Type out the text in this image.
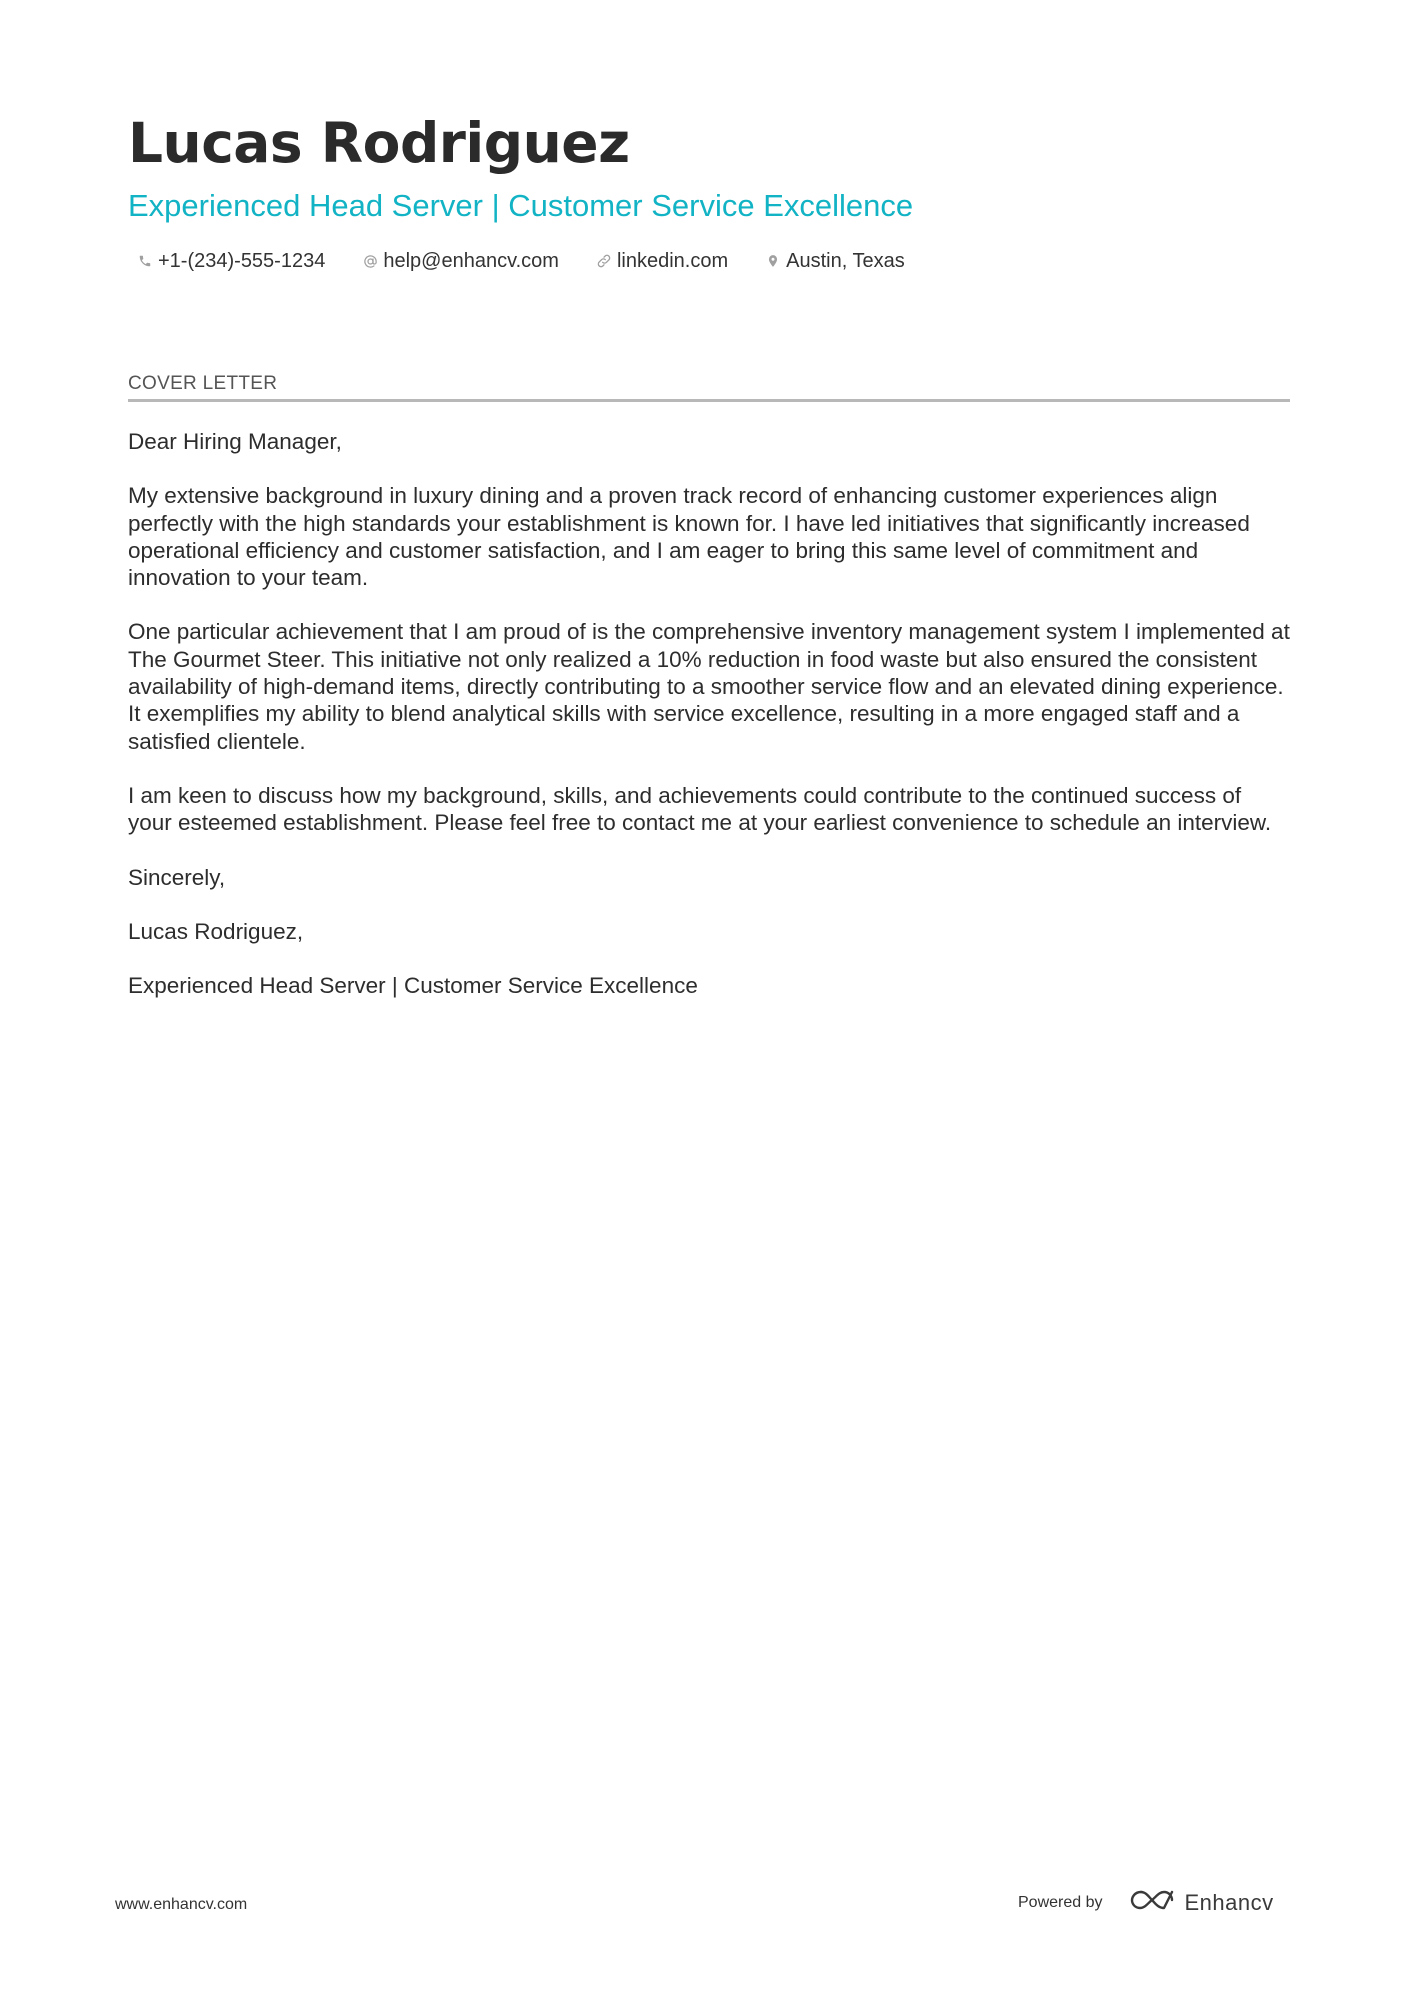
Lucas Rodriguez
Experienced Head Server | Customer Service Excellence
+1-(234)-555-1234	help@enhancv.com	linkedin.com	Austin, Texas
COVER LETTER

Dear Hiring Manager,

My extensive background in luxury dining and a proven track record of enhancing customer experiences align perfectly with the high standards your establishment is known for. I have led initiatives that significantly increased operational efficiency and customer satisfaction, and I am eager to bring this same level of commitment and innovation to your team.

One particular achievement that I am proud of is the comprehensive inventory management system I implemented at The Gourmet Steer. This initiative not only realized a 10% reduction in food waste but also ensured the consistent availability of high-demand items, directly contributing to a smoother service flow and an elevated dining experience. It exemplifies my ability to blend analytical skills with service excellence, resulting in a more engaged staff and a satisfied clientele.

I am keen to discuss how my background, skills, and achievements could contribute to the continued success of your esteemed establishment. Please feel free to contact me at your earliest convenience to schedule an interview.

Sincerely,

Lucas Rodriguez,

Experienced Head Server | Customer Service Excellence

www.enhancv.com	Powered by	Enhancv
